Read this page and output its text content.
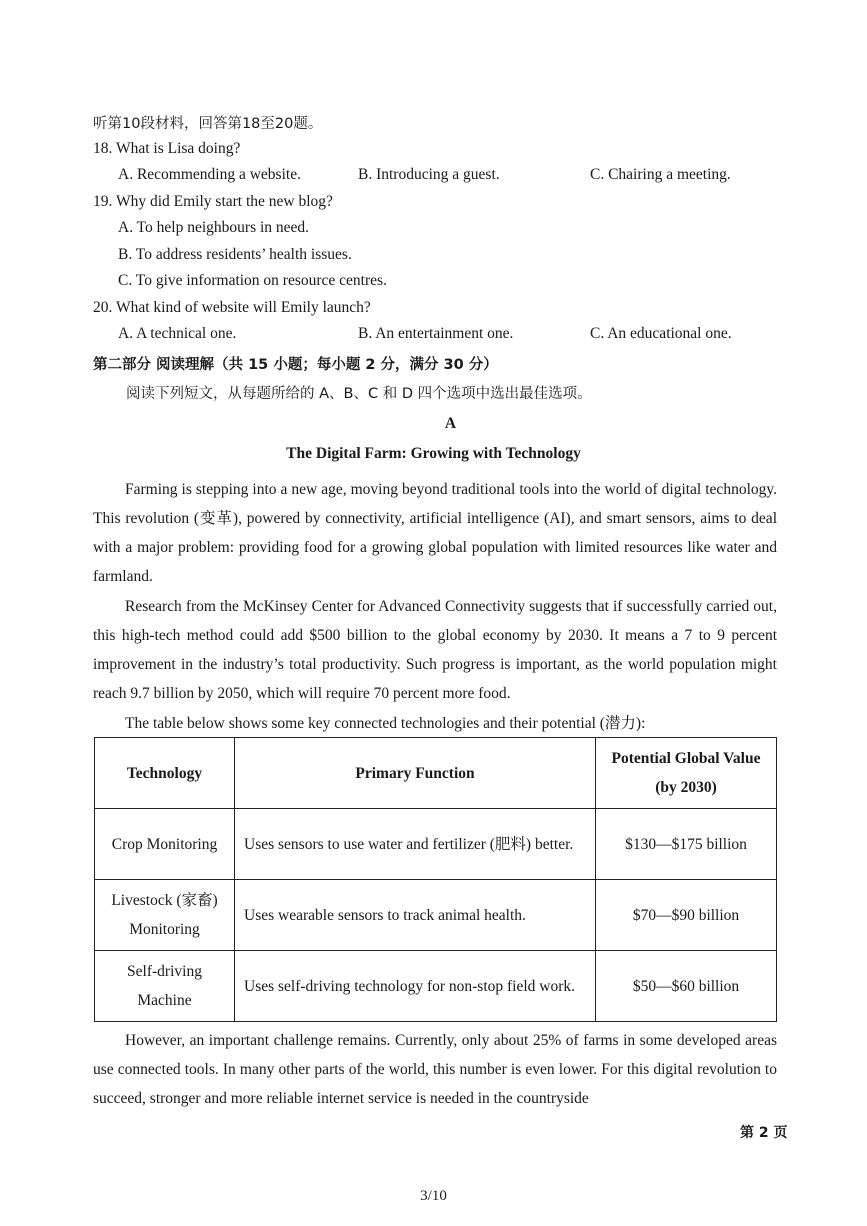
听第10段材料，回答第18至20题。
18. What is Lisa doing?
A. Recommending a website.	B. Introducing a guest.	C. Chairing a meeting.
19. Why did Emily start the new blog?
A. To help neighbours in need.
B. To address residents’ health issues.
C. To give information on resource centres.
20. What kind of website will Emily launch?
A. A technical one.	B. An entertainment one.	C. An educational one.
第二部分 阅读理解（共 15 小题；每小题 2 分，满分 30 分）
阅读下列短文，从每题所给的 A、B、C 和 D 四个选项中选出最佳选项。
A
The Digital Farm: Growing with Technology
Farming is stepping into a new age, moving beyond traditional tools into the world of digital technology. This revolution (变革), powered by connectivity, artificial intelligence (AI), and smart sensors, aims to deal with a major problem: providing food for a growing global population with limited resources like water and farmland.
Research from the McKinsey Center for Advanced Connectivity suggests that if successfully carried out, this high-tech method could add $500 billion to the global economy by 2030. It means a 7 to 9 percent improvement in the industry’s total productivity. Such progress is important, as the world population might reach 9.7 billion by 2050, which will require 70 percent more food.
The table below shows some key connected technologies and their potential (潜力):
Technology	Primary Function	Potential Global Value
(by 2030)

Crop Monitoring	Uses sensors to use water and fertilizer (肥料) better.	$130—$175 billion

Livestock (家畜)
Monitoring	Uses wearable sensors to track animal health.	$70—$90 billion

Self-driving
Machine	Uses self-driving technology for non-stop field work.	$50—$60 billion
However, an important challenge remains. Currently, only about 25% of farms in some developed areas use connected tools. In many other parts of the world, this number is even lower. For this digital revolution to succeed, stronger and more reliable internet service is needed in the countryside
第 2 页
3/10
